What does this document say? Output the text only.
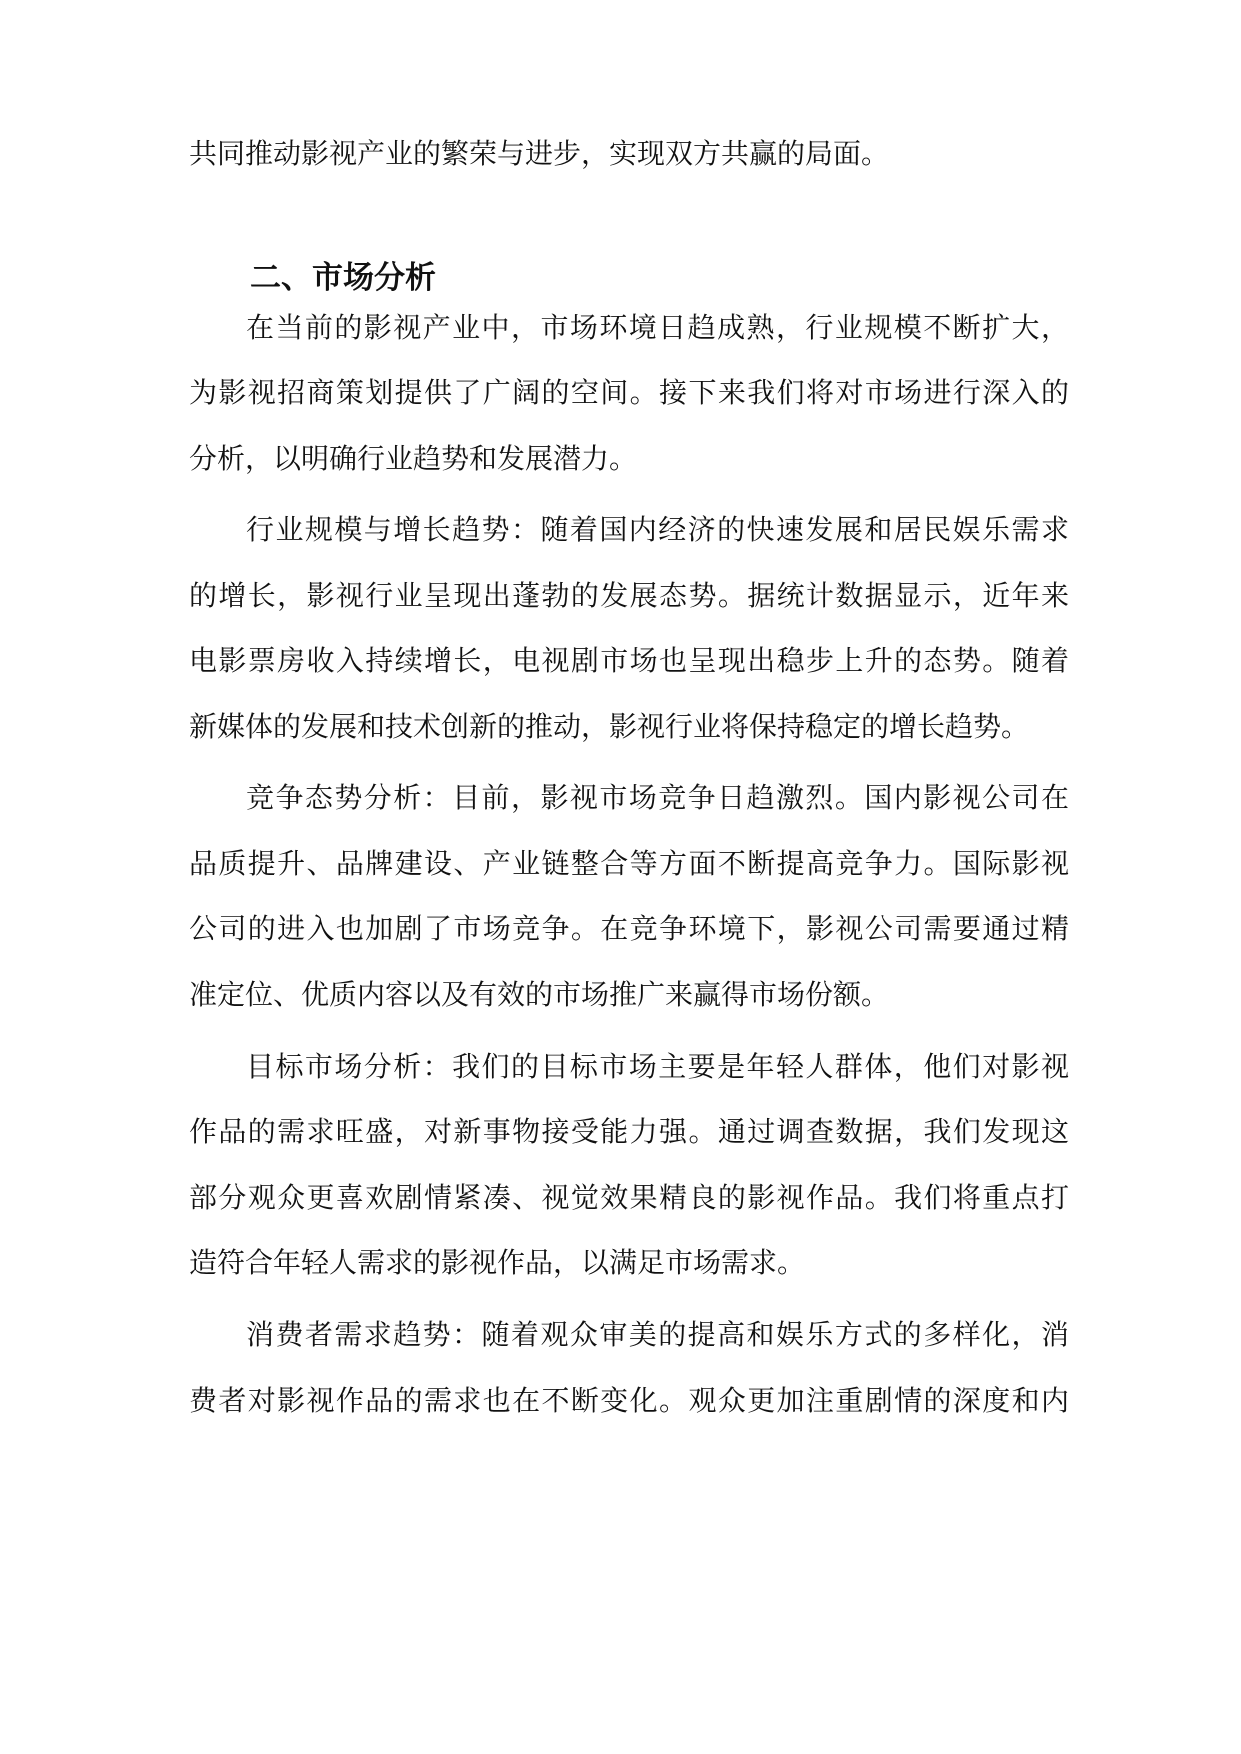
共同推动影视产业的繁荣与进步，实现双方共赢的局面。

二、市场分析

在当前的影视产业中，市场环境日趋成熟，行业规模不断扩大，

为影视招商策划提供了广阔的空间。接下来我们将对市场进行深入的

分析，以明确行业趋势和发展潜力。

行业规模与增长趋势：随着国内经济的快速发展和居民娱乐需求

的增长，影视行业呈现出蓬勃的发展态势。据统计数据显示，近年来

电影票房收入持续增长，电视剧市场也呈现出稳步上升的态势。随着

新媒体的发展和技术创新的推动，影视行业将保持稳定的增长趋势。

竞争态势分析：目前，影视市场竞争日趋激烈。国内影视公司在

品质提升、品牌建设、产业链整合等方面不断提高竞争力。国际影视

公司的进入也加剧了市场竞争。在竞争环境下，影视公司需要通过精

准定位、优质内容以及有效的市场推广来赢得市场份额。

目标市场分析：我们的目标市场主要是年轻人群体，他们对影视

作品的需求旺盛，对新事物接受能力强。通过调查数据，我们发现这

部分观众更喜欢剧情紧凑、视觉效果精良的影视作品。我们将重点打

造符合年轻人需求的影视作品，以满足市场需求。

消费者需求趋势：随着观众审美的提高和娱乐方式的多样化，消

费者对影视作品的需求也在不断变化。观众更加注重剧情的深度和内
